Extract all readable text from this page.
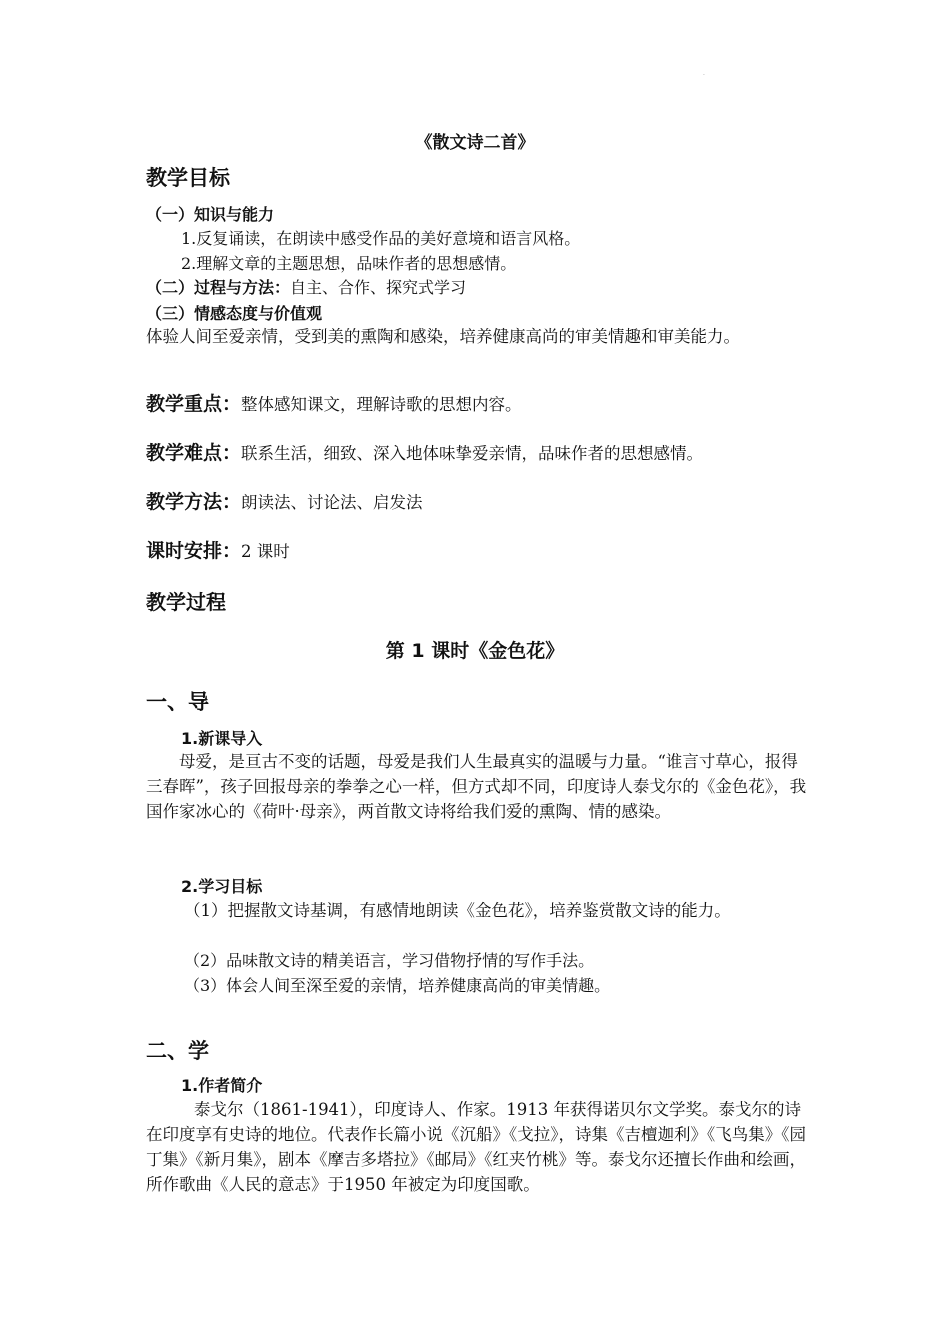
·
《散文诗二首》
教学目标
（一）知识与能力
1.反复诵读，在朗读中感受作品的美好意境和语言风格。
2.理解文章的主题思想，品味作者的思想感情。
（二）过程与方法：自主、合作、探究式学习
（三）情感态度与价值观
体验人间至爱亲情，受到美的熏陶和感染，培养健康高尚的审美情趣和审美能力。
教学重点：整体感知课文，理解诗歌的思想内容。
教学难点：联系生活，细致、深入地体味挚爱亲情，品味作者的思想感情。
教学方法：朗读法、讨论法、启发法
课时安排：2 课时
教学过程
第 1 课时《金色花》
一、导
1.新课导入
母爱，是亘古不变的话题，母爱是我们人生最真实的温暖与力量。“谁言寸草心，报得三春晖”，孩子回报母亲的拳拳之心一样，但方式却不同，印度诗人泰戈尔的《金色花》，我国作家冰心的《荷叶·母亲》，两首散文诗将给我们爱的熏陶、情的感染。
2.学习目标
（1）把握散文诗基调，有感情地朗读《金色花》，培养鉴赏散文诗的能力。
（2）品味散文诗的精美语言，学习借物抒情的写作手法。
（3）体会人间至深至爱的亲情，培养健康高尚的审美情趣。
二、学
1.作者简介
泰戈尔（1861-1941），印度诗人、作家。1913 年获得诺贝尔文学奖。泰戈尔的诗在印度享有史诗的地位。代表作长篇小说《沉船》《戈拉》，诗集《吉檀迦利》《飞鸟集》《园丁集》《新月集》，剧本《摩吉多塔拉》《邮局》《红夹竹桃》等。泰戈尔还擅长作曲和绘画，所作歌曲《人民的意志》于1950 年被定为印度国歌。
